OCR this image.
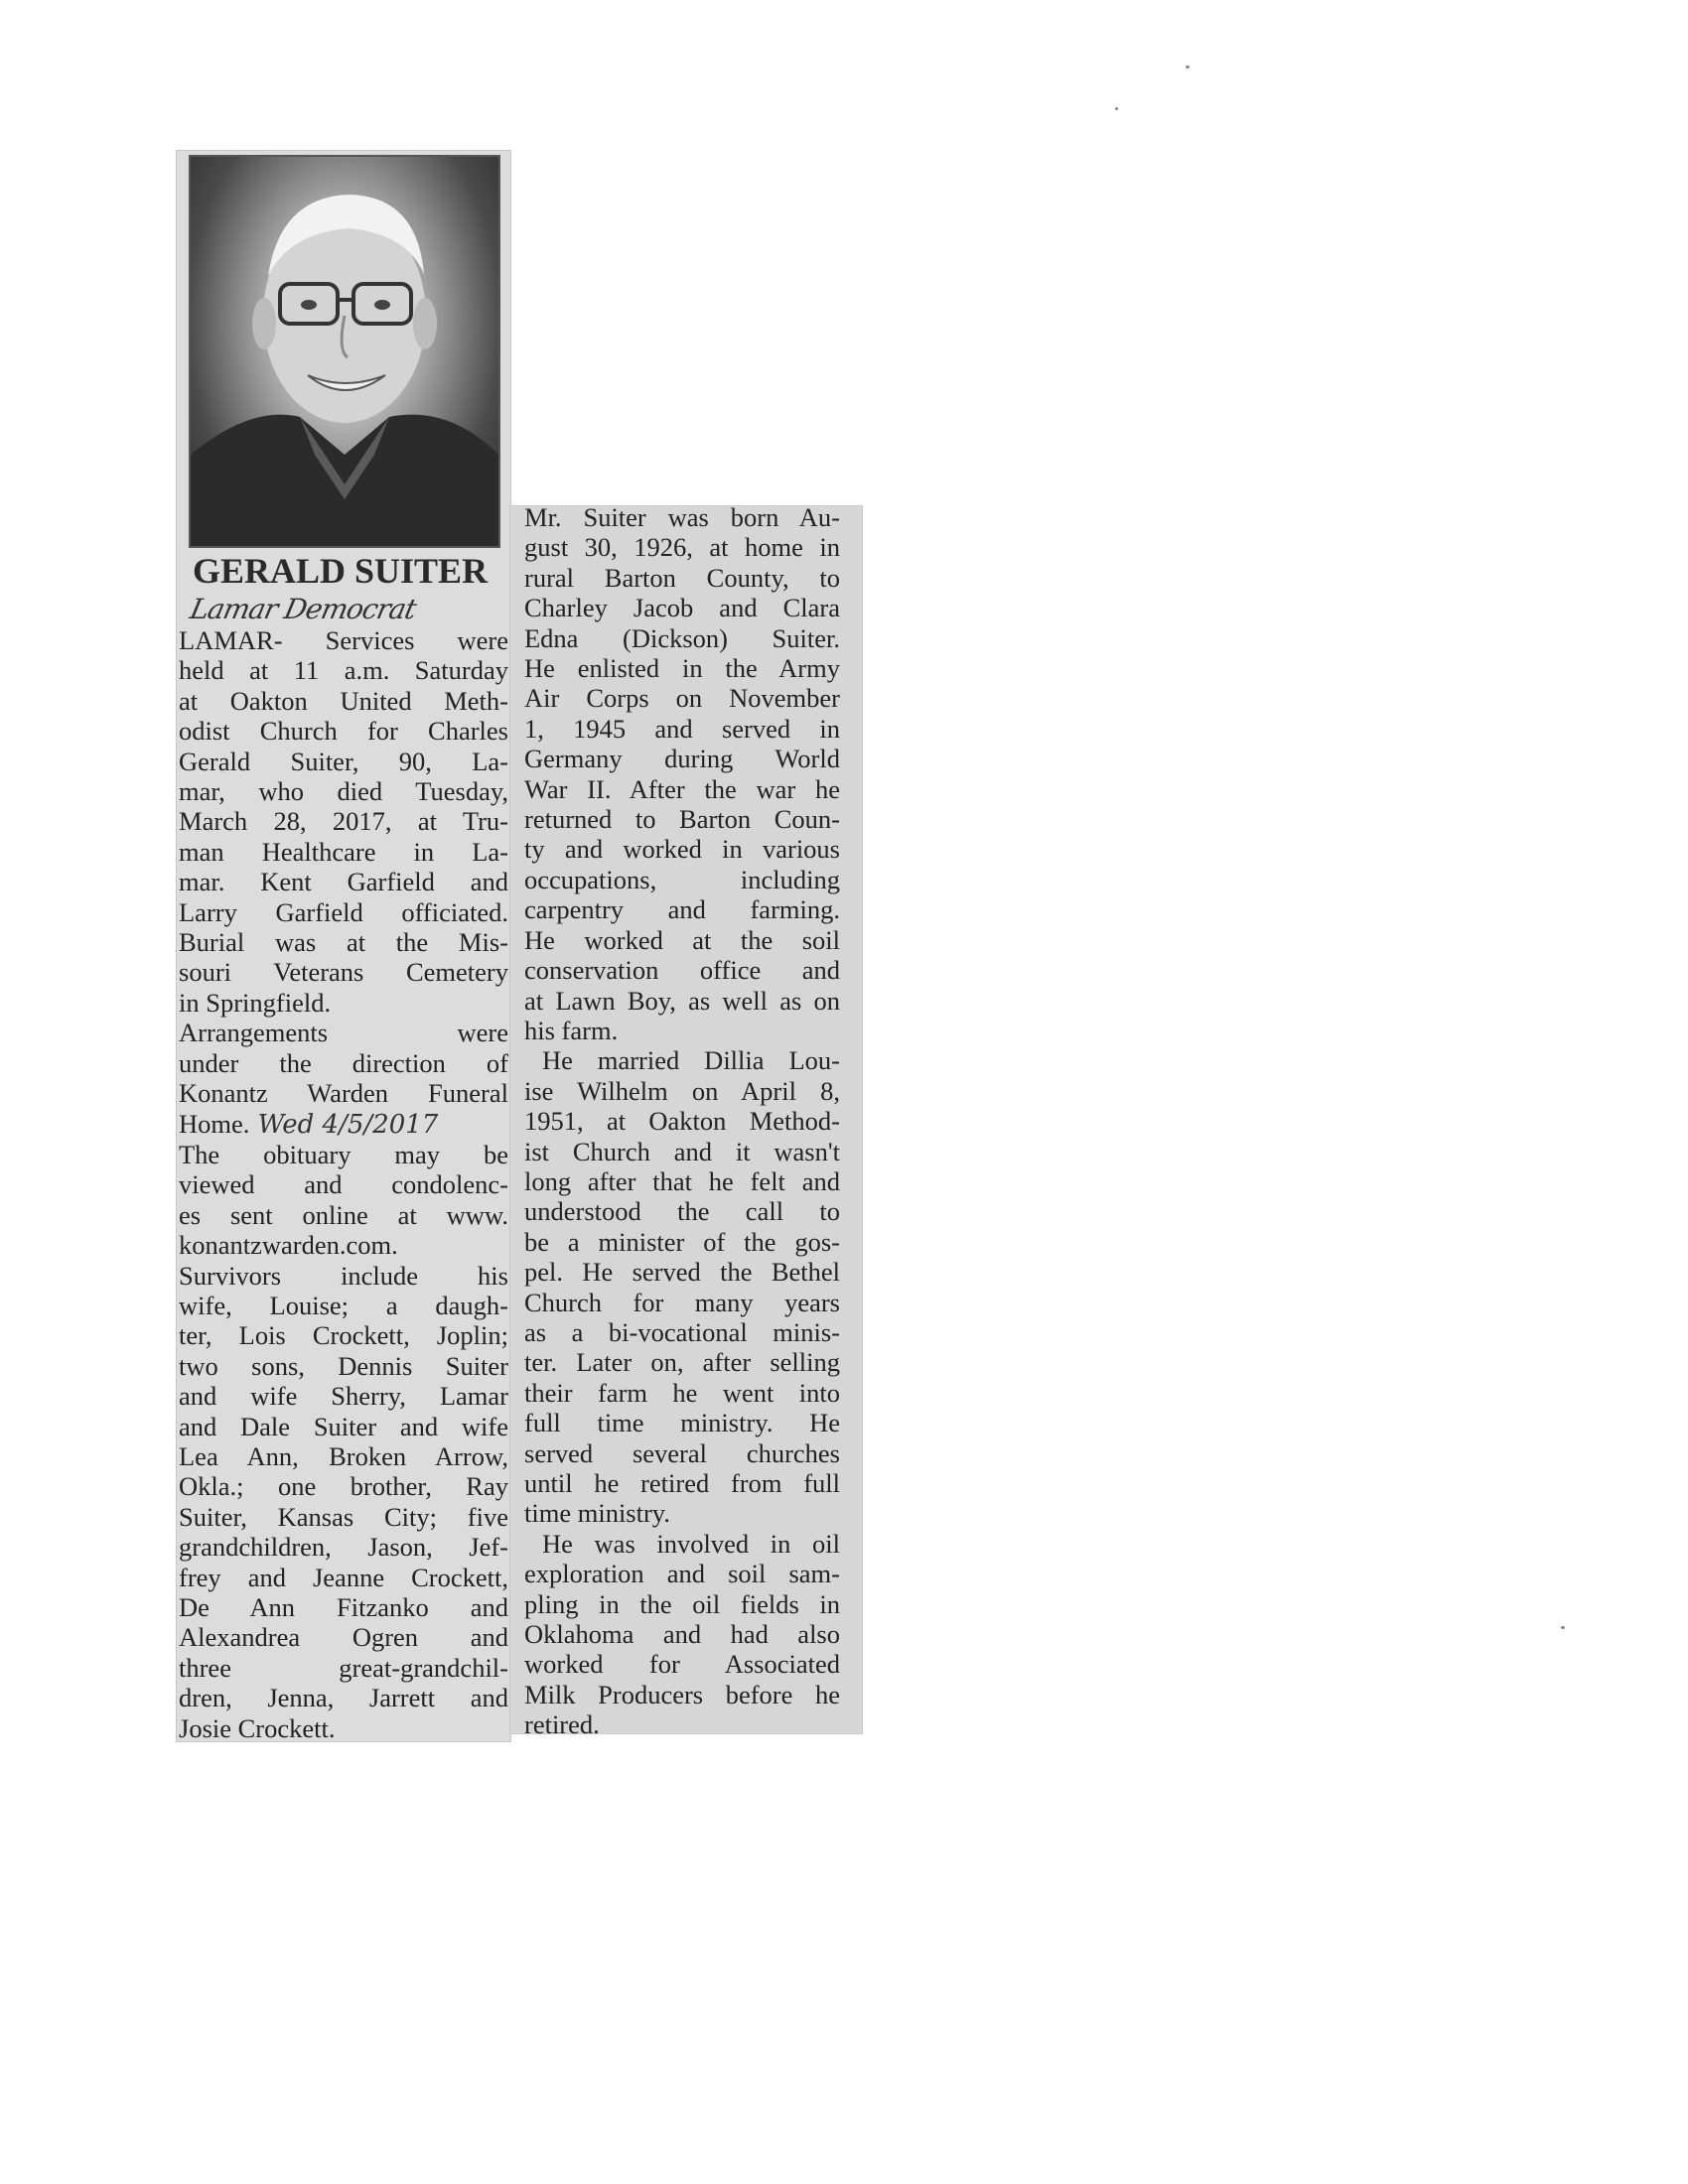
GERALD SUITER
Lamar Democrat
LAMAR- Services were
held at 11 a.m. Saturday
at Oakton United Meth-
odist Church for Charles
Gerald Suiter, 90, La-
mar, who died Tuesday,
March 28, 2017, at Tru-
man Healthcare in La-
mar. Kent Garfield and
Larry Garfield officiated.
Burial was at the Mis-
souri Veterans Cemetery
in Springfield.
Arrangements were
under the direction of
Konantz Warden Funeral
Home. Wed 4/5/2017
The obituary may be
viewed and condolenc-
es sent online at www.
konantzwarden.com.
Survivors include his
wife, Louise; a daugh-
ter, Lois Crockett, Joplin;
two sons, Dennis Suiter
and wife Sherry, Lamar
and Dale Suiter and wife
Lea Ann, Broken Arrow,
Okla.; one brother, Ray
Suiter, Kansas City; five
grandchildren, Jason, Jef-
frey and Jeanne Crockett,
De Ann Fitzanko and
Alexandrea Ogren and
three great-grandchil-
dren, Jenna, Jarrett and
Josie Crockett.
Mr. Suiter was born Au-
gust 30, 1926, at home in
rural Barton County, to
Charley Jacob and Clara
Edna (Dickson) Suiter.
He enlisted in the Army
Air Corps on November
1, 1945 and served in
Germany during World
War II. After the war he
returned to Barton Coun-
ty and worked in various
occupations, including
carpentry and farming.
He worked at the soil
conservation office and
at Lawn Boy, as well as on
his farm.
He married Dillia Lou-
ise Wilhelm on April 8,
1951, at Oakton Method-
ist Church and it wasn't
long after that he felt and
understood the call to
be a minister of the gos-
pel. He served the Bethel
Church for many years
as a bi-vocational minis-
ter. Later on, after selling
their farm he went into
full time ministry. He
served several churches
until he retired from full
time ministry.
He was involved in oil
exploration and soil sam-
pling in the oil fields in
Oklahoma and had also
worked for Associated
Milk Producers before he
retired.
